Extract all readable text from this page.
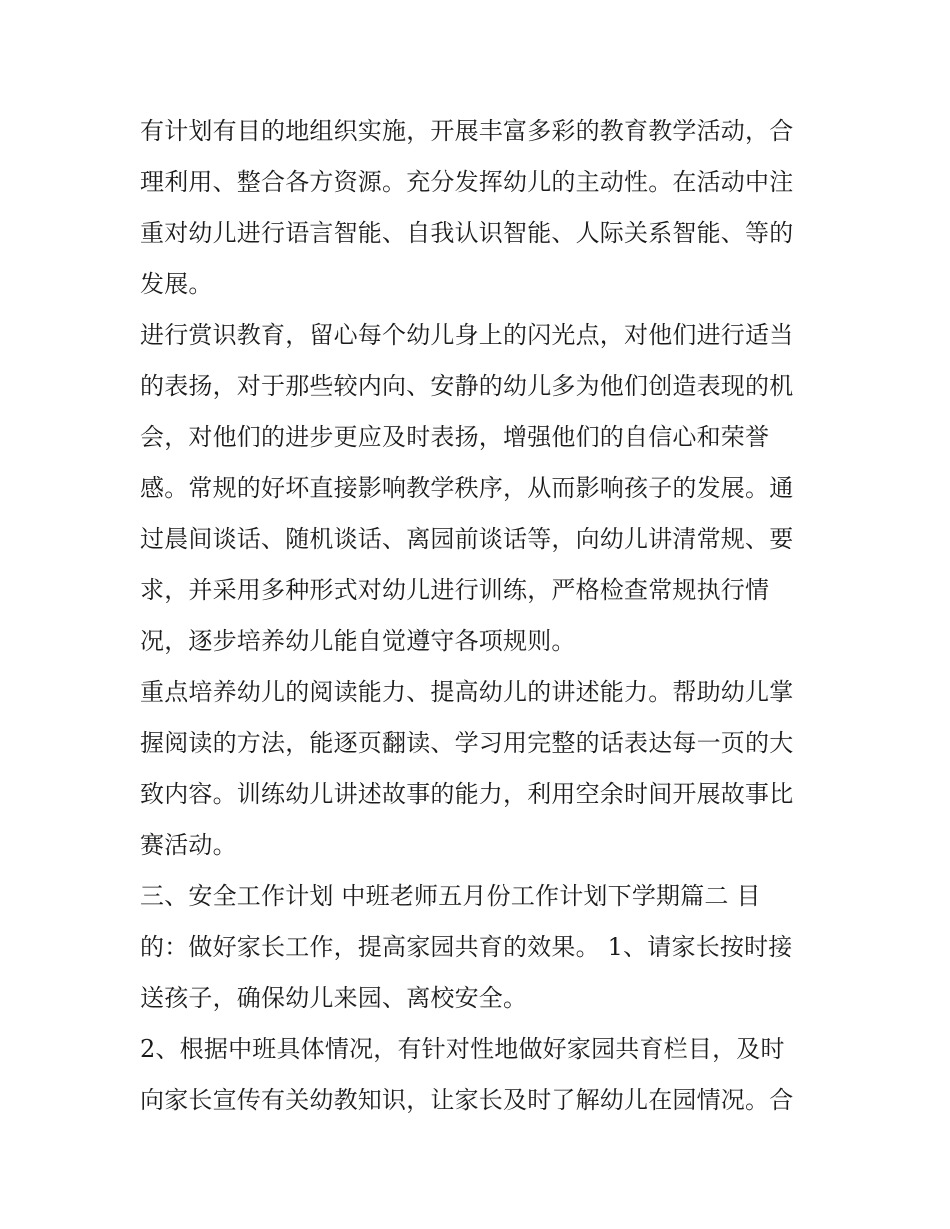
有计划有目的地组织实施，开展丰富多彩的教育教学活动，合
理利用、整合各方资源。充分发挥幼儿的主动性。在活动中注
重对幼儿进行语言智能、自我认识智能、人际关系智能、等的
发展。
进行赏识教育，留心每个幼儿身上的闪光点，对他们进行适当
的表扬，对于那些较内向、安静的幼儿多为他们创造表现的机
会，对他们的进步更应及时表扬，增强他们的自信心和荣誉
感。常规的好坏直接影响教学秩序，从而影响孩子的发展。通
过晨间谈话、随机谈话、离园前谈话等，向幼儿讲清常规、要
求，并采用多种形式对幼儿进行训练，严格检查常规执行情
况，逐步培养幼儿能自觉遵守各项规则。
重点培养幼儿的阅读能力、提高幼儿的讲述能力。帮助幼儿掌
握阅读的方法，能逐页翻读、学习用完整的话表达每一页的大
致内容。训练幼儿讲述故事的能力，利用空余时间开展故事比
赛活动。
三、安全工作计划 中班老师五月份工作计划下学期篇二 目
的：做好家长工作，提高家园共育的效果。 1、请家长按时接
送孩子，确保幼儿来园、离校安全。
2、根据中班具体情况，有针对性地做好家园共育栏目，及时
向家长宣传有关幼教知识，让家长及时了解幼儿在园情况。合
